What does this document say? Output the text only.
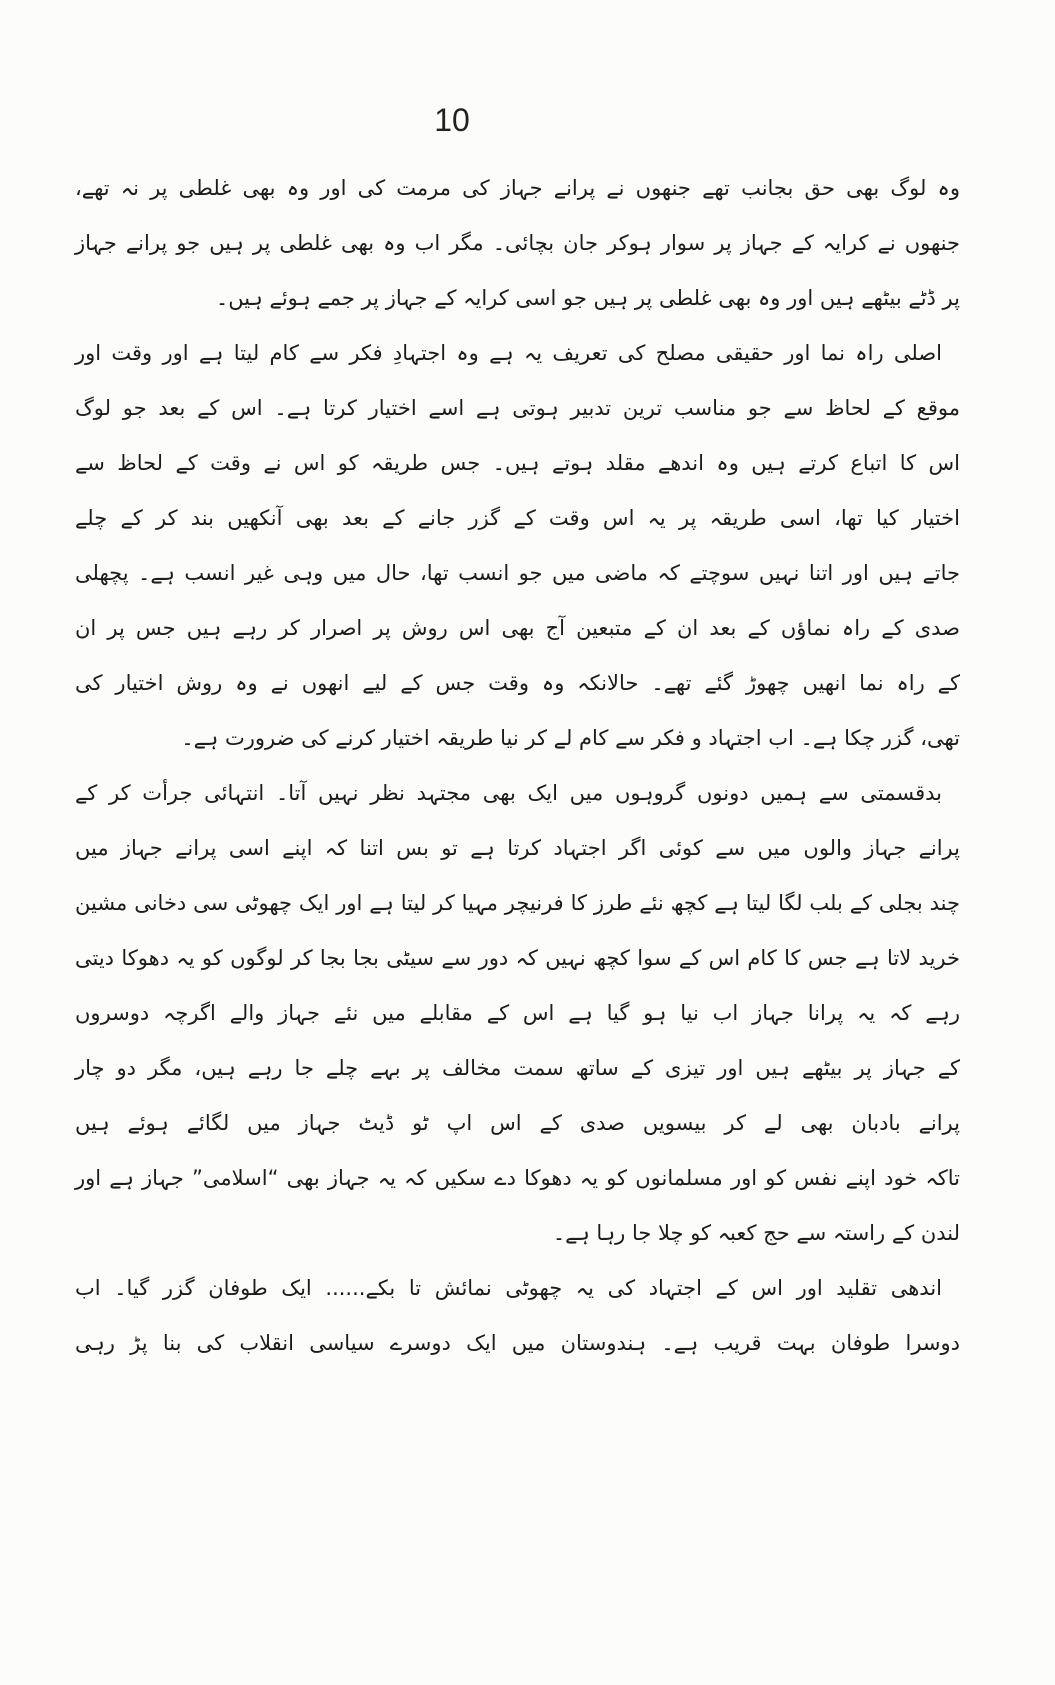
10
وہ لوگ بھی حق بجانب تھے جنھوں نے پرانے جہاز کی مرمت کی اور وہ بھی غلطی پر نہ تھے،
جنھوں نے کرایہ کے جہاز پر سوار ہوکر جان بچائی۔ مگر اب وہ بھی غلطی پر ہیں جو پرانے جہاز
پر ڈٹے بیٹھے ہیں اور وہ بھی غلطی پر ہیں جو اسی کرایہ کے جہاز پر جمے ہوئے ہیں۔
اصلی راہ نما اور حقیقی مصلح کی تعریف یہ ہے وہ اجتہادِ فکر سے کام لیتا ہے اور وقت اور
موقع کے لحاظ سے جو مناسب ترین تدبیر ہوتی ہے اسے اختیار کرتا ہے۔ اس کے بعد جو لوگ
اس کا اتباع کرتے ہیں وہ اندھے مقلد ہوتے ہیں۔ جس طریقہ کو اس نے وقت کے لحاظ سے
اختیار کیا تھا، اسی طریقہ پر یہ اس وقت کے گزر جانے کے بعد بھی آنکھیں بند کر کے چلے
جاتے ہیں اور اتنا نہیں سوچتے کہ ماضی میں جو انسب تھا، حال میں وہی غیر انسب ہے۔ پچھلی
صدی کے راہ نماؤں کے بعد ان کے متبعین آج بھی اس روش پر اصرار کر رہے ہیں جس پر ان
کے راہ نما انھیں چھوڑ گئے تھے۔ حالانکہ وہ وقت جس کے لیے انھوں نے وہ روش اختیار کی
تھی، گزر چکا ہے۔ اب اجتہاد و فکر سے کام لے کر نیا طریقہ اختیار کرنے کی ضرورت ہے۔
بدقسمتی سے ہمیں دونوں گروہوں میں ایک بھی مجتہد نظر نہیں آتا۔ انتہائی جرأت کر کے
پرانے جہاز والوں میں سے کوئی اگر اجتہاد کرتا ہے تو بس اتنا کہ اپنے اسی پرانے جہاز میں
چند بجلی کے بلب لگا لیتا ہے کچھ نئے طرز کا فرنیچر مہیا کر لیتا ہے اور ایک چھوٹی سی دخانی مشین
خرید لاتا ہے جس کا کام اس کے سوا کچھ نہیں کہ دور سے سیٹی بجا بجا کر لوگوں کو یہ دھوکا دیتی
رہے کہ یہ پرانا جہاز اب نیا ہو گیا ہے اس کے مقابلے میں نئے جہاز والے اگرچہ دوسروں
کے جہاز پر بیٹھے ہیں اور تیزی کے ساتھ سمت مخالف پر بہے چلے جا رہے ہیں، مگر دو چار
پرانے بادبان بھی لے کر بیسویں صدی کے اس اپ ٹو ڈیٹ جہاز میں لگائے ہوئے ہیں
تاکہ خود اپنے نفس کو اور مسلمانوں کو یہ دھوکا دے سکیں کہ یہ جہاز بھی “اسلامی” جہاز ہے اور
لندن کے راستہ سے حج کعبہ کو چلا جا رہا ہے۔
اندھی تقلید اور اس کے اجتہاد کی یہ چھوٹی نمائش تا بکے...... ایک طوفان گزر گیا۔ اب
دوسرا طوفان بہت قریب ہے۔ ہندوستان میں ایک دوسرے سیاسی انقلاب کی بنا پڑ رہی
